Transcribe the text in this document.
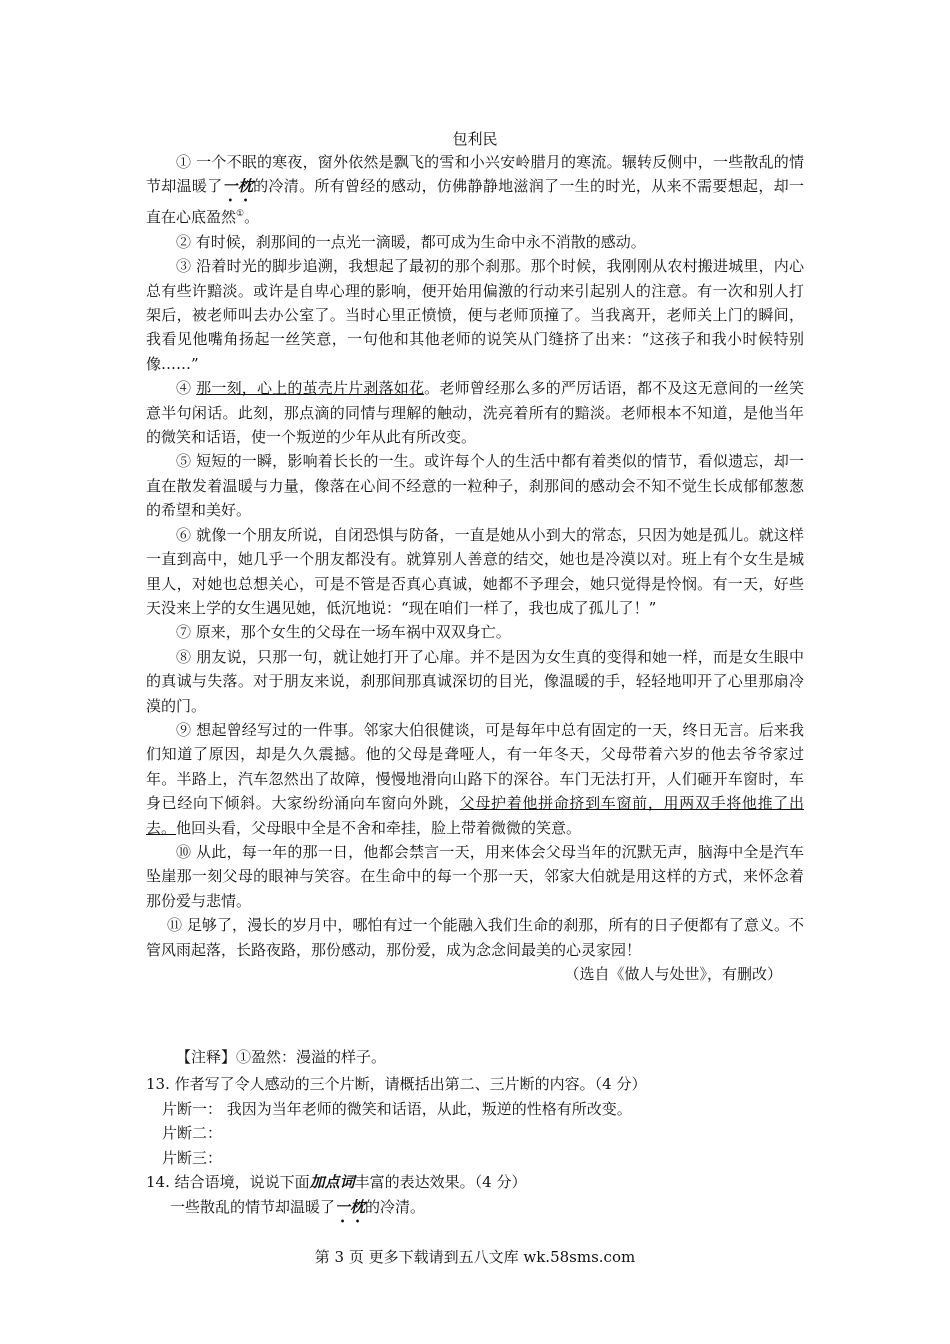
包利民

① 一个不眠的寒夜，窗外依然是飘飞的雪和小兴安岭腊月的寒流。辗转反侧中，一些散乱的情节却温暖了一枕的冷清。所有曾经的感动，仿佛静静地滋润了一生的时光，从来不需要想起，却一直在心底盈然①。

② 有时候，刹那间的一点光一滴暖，都可成为生命中永不消散的感动。

③ 沿着时光的脚步追溯，我想起了最初的那个刹那。那个时候，我刚刚从农村搬进城里，内心总有些许黯淡。或许是自卑心理的影响，便开始用偏激的行动来引起别人的注意。有一次和别人打架后，被老师叫去办公室了。当时心里正愤愤，便与老师顶撞了。当我离开，老师关上门的瞬间，我看见他嘴角扬起一丝笑意，一句他和其他老师的说笑从门缝挤了出来：“这孩子和我小时候特别像……”

④ 那一刻，心上的茧壳片片剥落如花。老师曾经那么多的严厉话语，都不及这无意间的一丝笑意半句闲话。此刻，那点滴的同情与理解的触动，洗亮着所有的黯淡。老师根本不知道，是他当年的微笑和话语，使一个叛逆的少年从此有所改变。

⑤ 短短的一瞬，影响着长长的一生。或许每个人的生活中都有着类似的情节，看似遗忘，却一直在散发着温暖与力量，像落在心间不经意的一粒种子，刹那间的感动会不知不觉生长成郁郁葱葱的希望和美好。

⑥ 就像一个朋友所说，自闭恐惧与防备，一直是她从小到大的常态，只因为她是孤儿。就这样一直到高中，她几乎一个朋友都没有。就算别人善意的结交，她也是冷漠以对。班上有个女生是城里人，对她也总想关心，可是不管是否真心真诚，她都不予理会，她只觉得是怜悯。有一天，好些天没来上学的女生遇见她，低沉地说：“现在咱们一样了，我也成了孤儿了！”

⑦ 原来，那个女生的父母在一场车祸中双双身亡。

⑧ 朋友说，只那一句，就让她打开了心扉。并不是因为女生真的变得和她一样，而是女生眼中的真诚与失落。对于朋友来说，刹那间那真诚深切的目光，像温暖的手，轻轻地叩开了心里那扇冷漠的门。

⑨ 想起曾经写过的一件事。邻家大伯很健谈，可是每年中总有固定的一天，终日无言。后来我们知道了原因，却是久久震撼。他的父母是聋哑人，有一年冬天，父母带着六岁的他去爷爷家过年。半路上，汽车忽然出了故障，慢慢地滑向山路下的深谷。车门无法打开，人们砸开车窗时，车身已经向下倾斜。大家纷纷涌向车窗向外跳，父母护着他拼命挤到车窗前，用两双手将他推了出去。他回头看，父母眼中全是不舍和牵挂，脸上带着微微的笑意。

⑩ 从此，每一年的那一日，他都会禁言一天，用来体会父母当年的沉默无声，脑海中全是汽车坠崖那一刻父母的眼神与笑容。在生命中的每一个那一天，邻家大伯就是用这样的方式，来怀念着那份爱与悲情。

⑪ 足够了，漫长的岁月中，哪怕有过一个能融入我们生命的刹那，所有的日子便都有了意义。不管风雨起落，长路夜路，那份感动，那份爱，成为念念间最美的心灵家园！

（选自《做人与处世》，有删改）

【注释】①盈然：漫溢的样子。
13. 作者写了令人感动的三个片断，请概括出第二、三片断的内容。（4 分）
片断一： 我因为当年老师的微笑和话语，从此，叛逆的性格有所改变。
片断二：
片断三：
14. 结合语境，说说下面加点词丰富的表达效果。（4 分）
一些散乱的情节却温暖了一枕的冷清。
第 3 页 更多下载请到五八文库 wk.58sms.com
